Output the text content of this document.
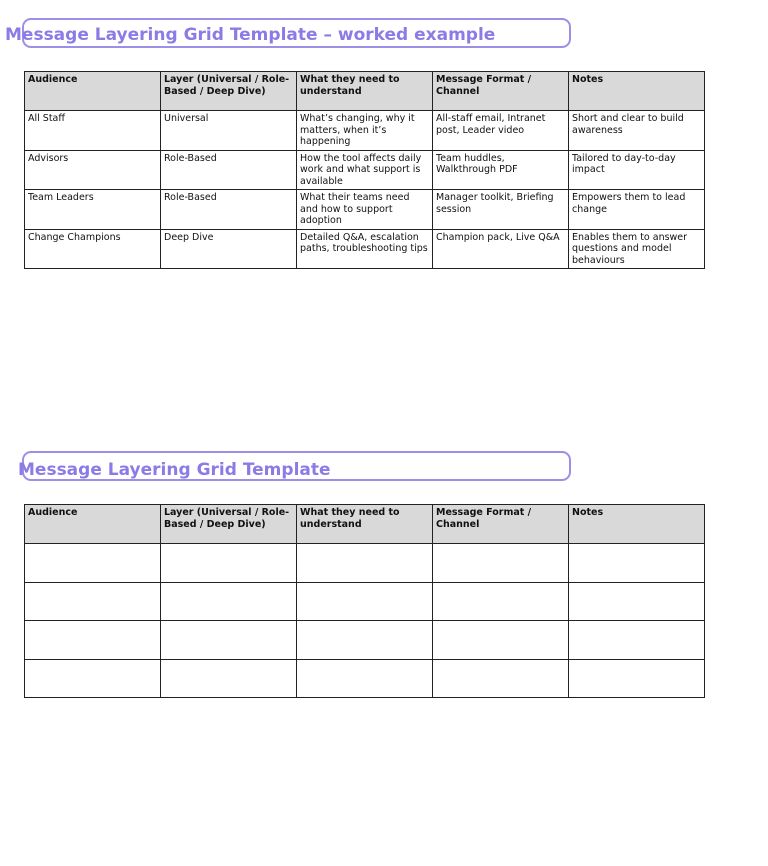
Message Layering Grid Template – worked example
Audience	Layer (Universal / Role-Based / Deep Dive)	What they need to understand	Message Format / Channel	Notes
All Staff	Universal	What’s changing, why it matters, when it’s happening	All-staff email, Intranet post, Leader video	Short and clear to build awareness
Advisors	Role-Based	How the tool affects daily work and what support is available	Team huddles, Walkthrough PDF	Tailored to day-to-day impact
Team Leaders	Role-Based	What their teams need and how to support adoption	Manager toolkit, Briefing session	Empowers them to lead change
Change Champions	Deep Dive	Detailed Q&A, escalation paths, troubleshooting tips	Champion pack, Live Q&A	Enables them to answer questions and model behaviours
Message Layering Grid Template
Audience	Layer (Universal / Role-Based / Deep Dive)	What they need to understand	Message Format / Channel	Notes
